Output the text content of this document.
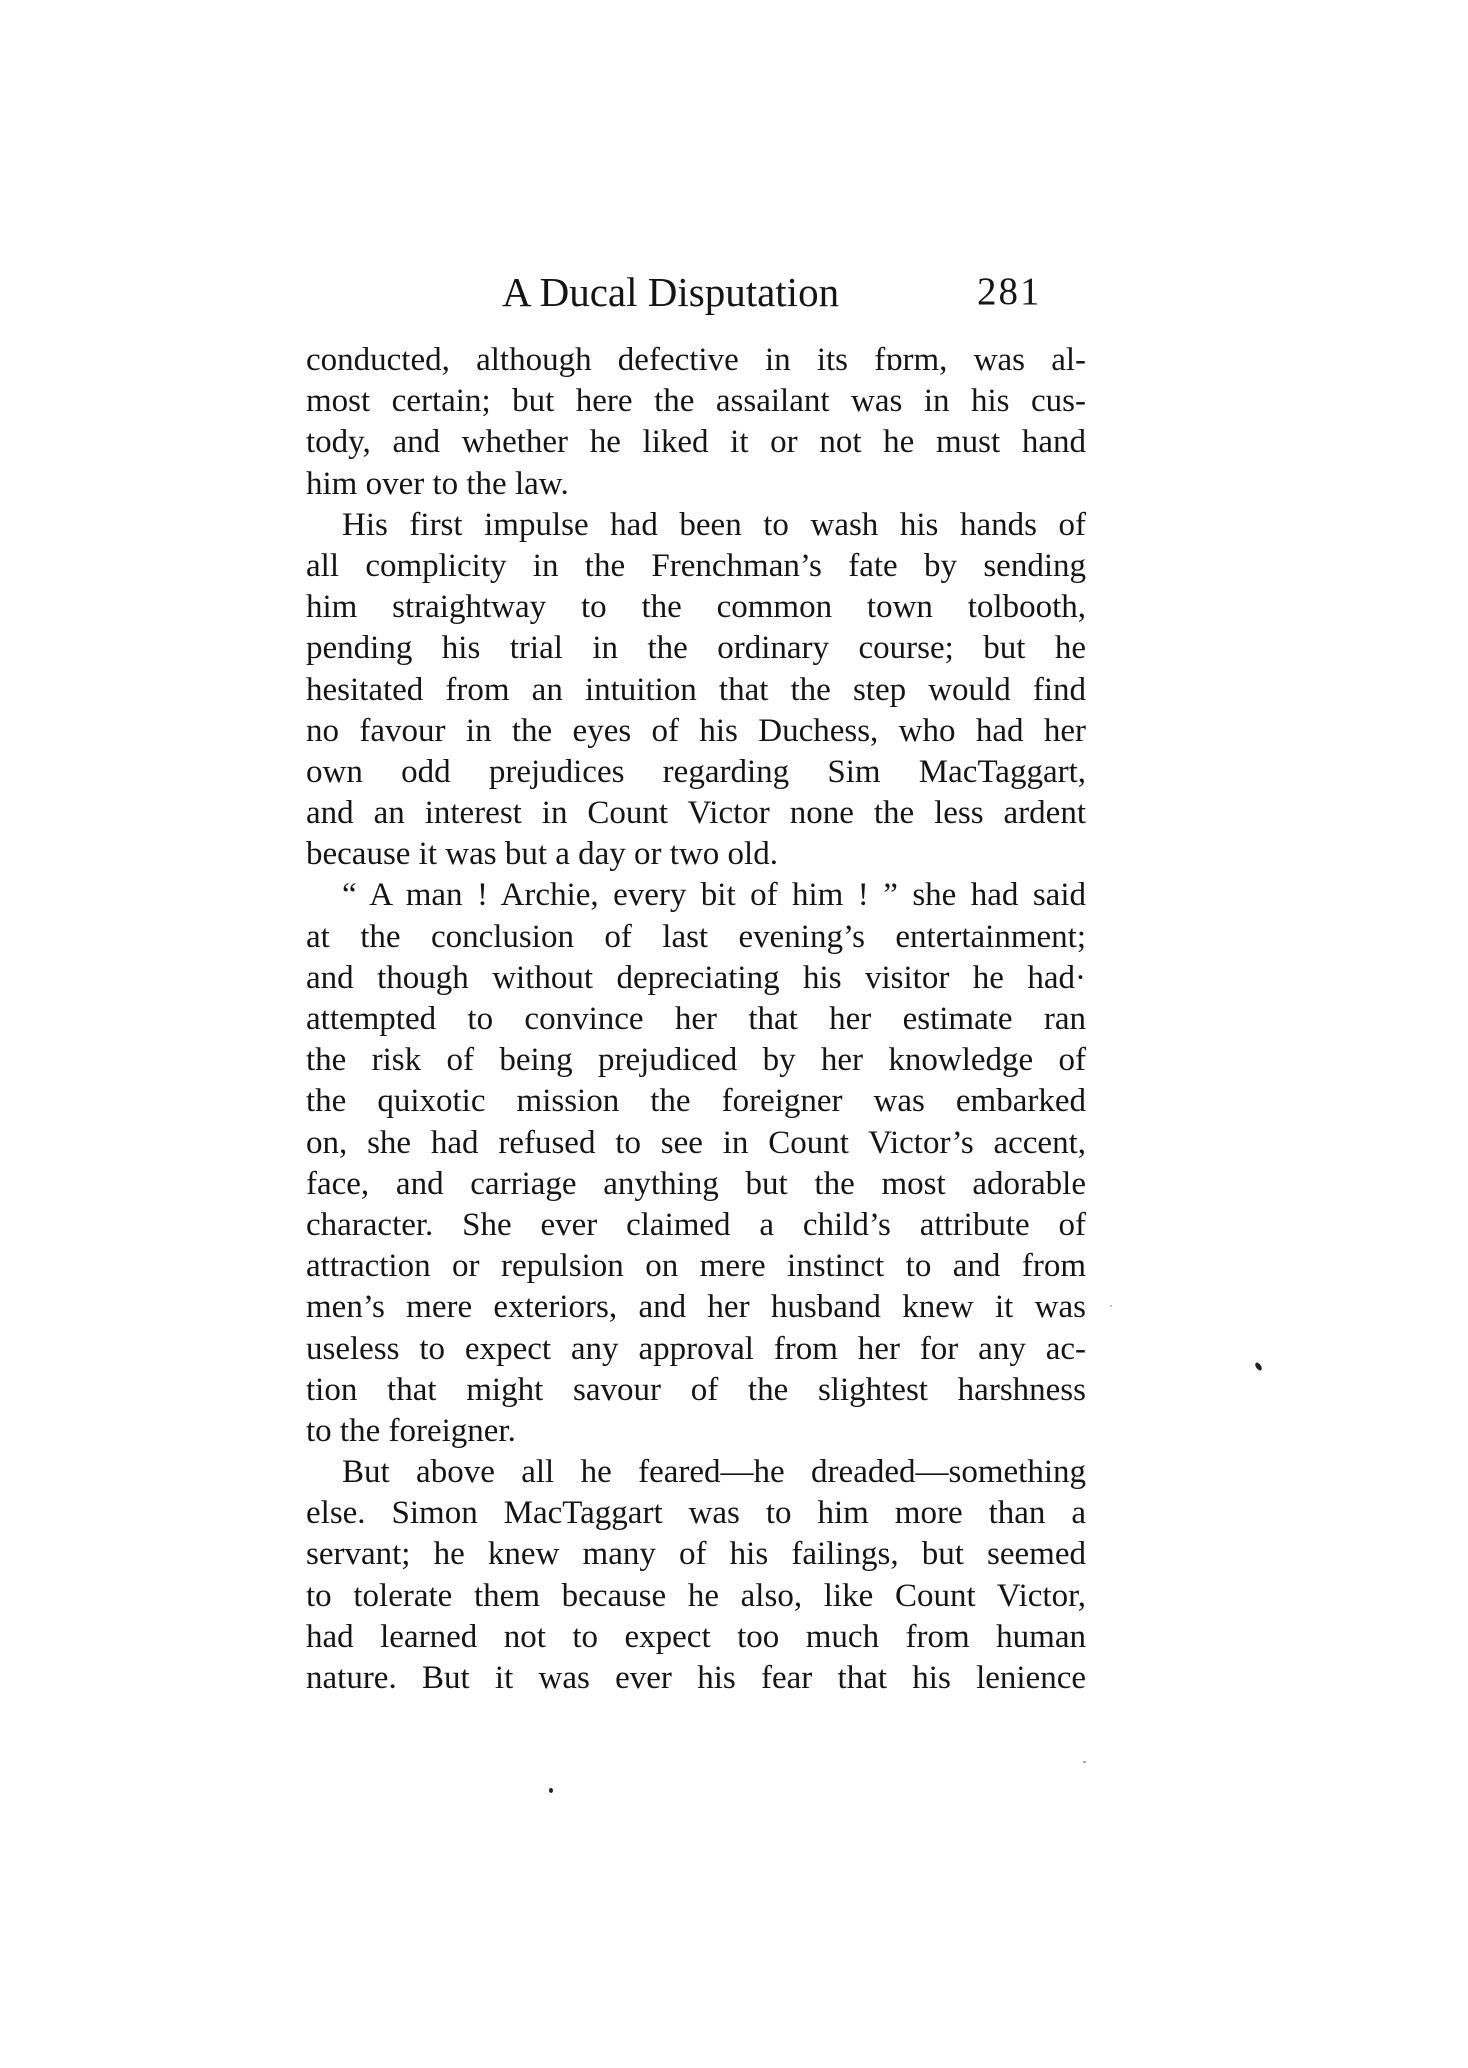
A Ducal Disputation	281
conducted, although defective in its fɒrm, was al-
most certain; but here the assailant was in his cus-
tody, and whether he liked it or not he must hand
him over to the law.
His first impulse had been to wash his hands of
all complicity in the Frenchman’s fate by sending
him straightway to the common town tolbooth,
pending his trial in the ordinary course; but he
hesitated from an intuition that the step would find
no favour in the eyes of his Duchess, who had her
own odd prejudices regarding Sim MacTaggart,
and an interest in Count Victor none the less ardent
because it was but a day or two old.
“ A man ! Archie, every bit of him ! ” she had said
at the conclusion of last evening’s entertainment;
and though without depreciating his visitor he had·
attempted to convince her that her estimate ran
the risk of being prejudiced by her knowledge of
the quixotic mission the foreigner was embarked
on, she had refused to see in Count Victor’s accent,
face, and carriage anything but the most adorable
character. She ever claimed a child’s attribute of
attraction or repulsion on mere instinct to and from
men’s mere exteriors, and her husband knew it was
useless to expect any approval from her for any ac-
tion that might savour of the slightest harshness
to the foreigner.
But above all he feared—he dreaded—something
else. Simon MacTaggart was to him more than a
servant; he knew many of his failings, but seemed
to tolerate them because he also, like Count Victor,
had learned not to expect too much from human
nature. But it was ever his fear that his lenience
